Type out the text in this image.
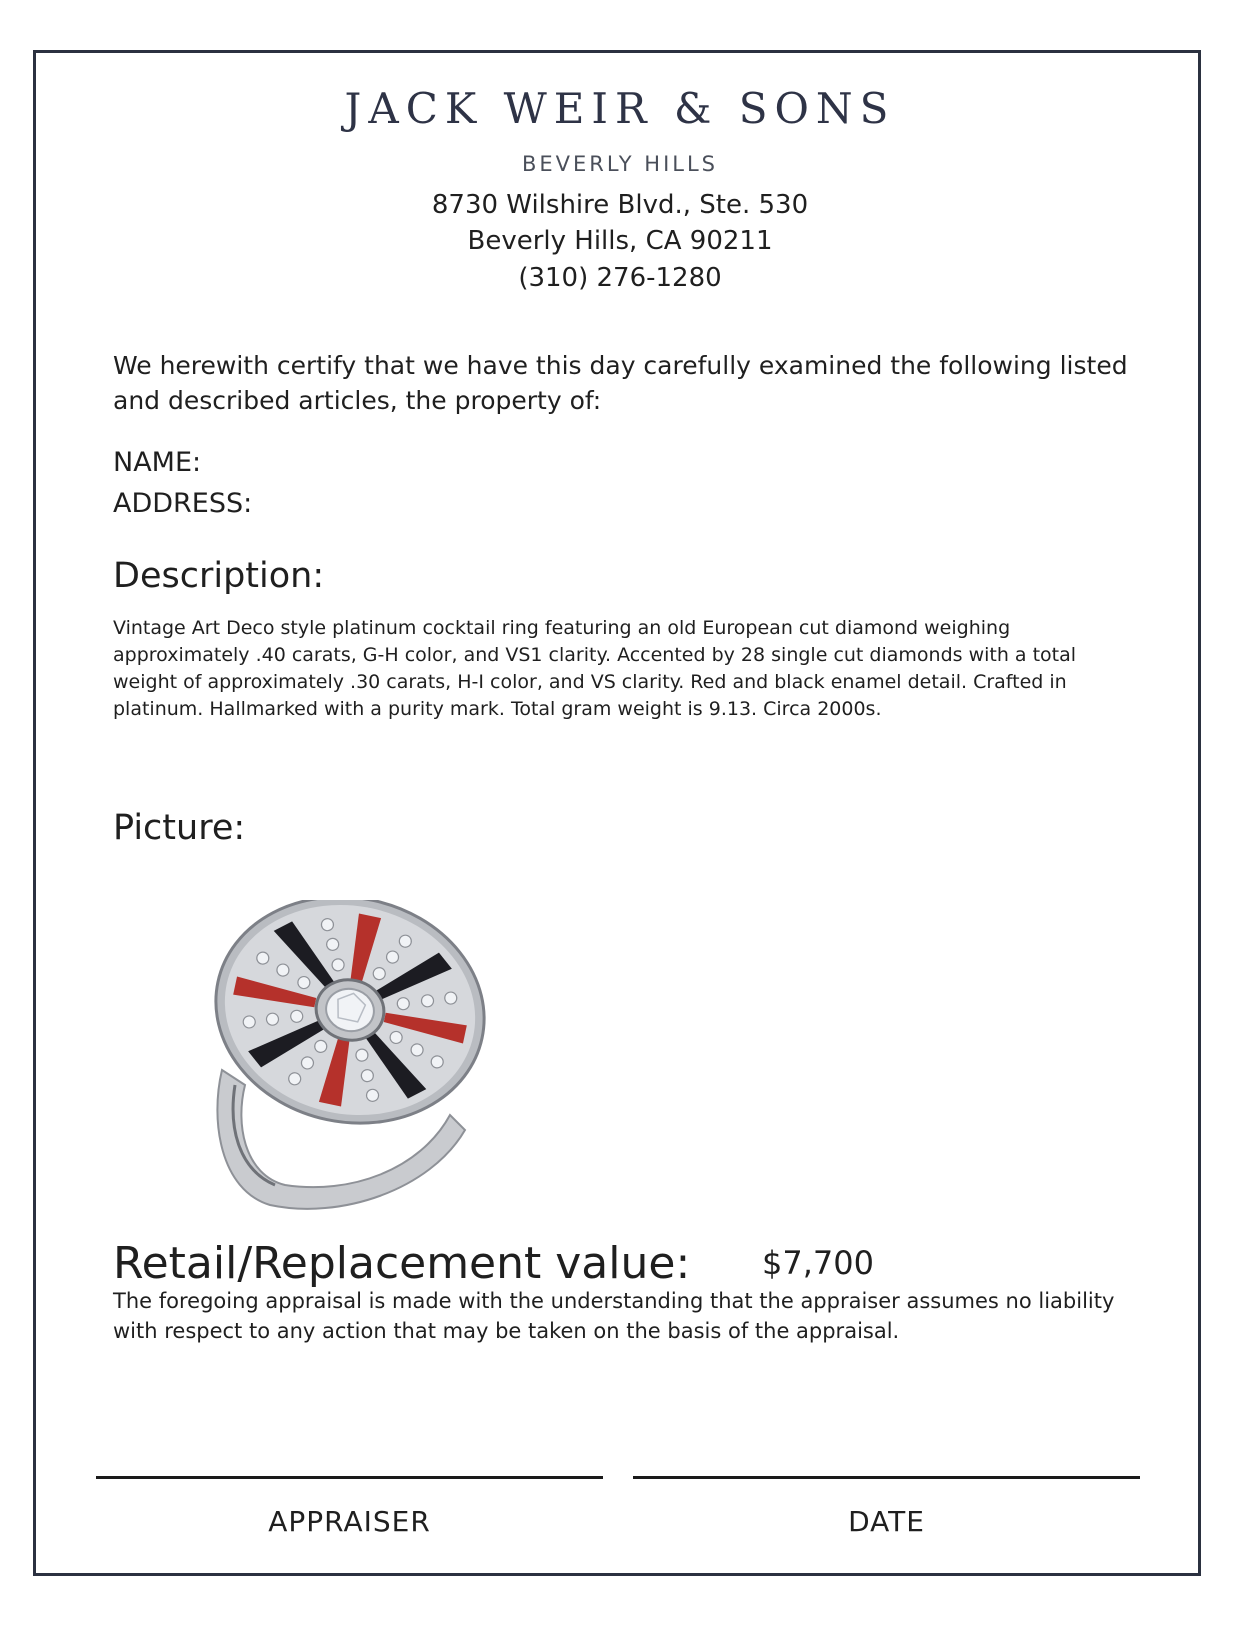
JACK WEIR & SONS
BEVERLY HILLS
8730 Wilshire Blvd., Ste. 530
Beverly Hills, CA 90211
(310) 276-1280
We herewith certify that we have this day carefully examined the following listed and described articles, the property of:
NAME:
ADDRESS:
Description:
Vintage Art Deco style platinum cocktail ring featuring an old European cut diamond weighing approximately .40 carats, G-H color, and VS1 clarity. Accented by 28 single cut diamonds with a total weight of approximately .30 carats, H-I color, and VS clarity. Red and black enamel detail. Crafted in platinum. Hallmarked with a purity mark. Total gram weight is 9.13. Circa 2000s.
Picture:
Retail/Replacement value: $7,700
The foregoing appraisal is made with the understanding that the appraiser assumes no liability with respect to any action that may be taken on the basis of the appraisal.
APPRAISER	DATE
